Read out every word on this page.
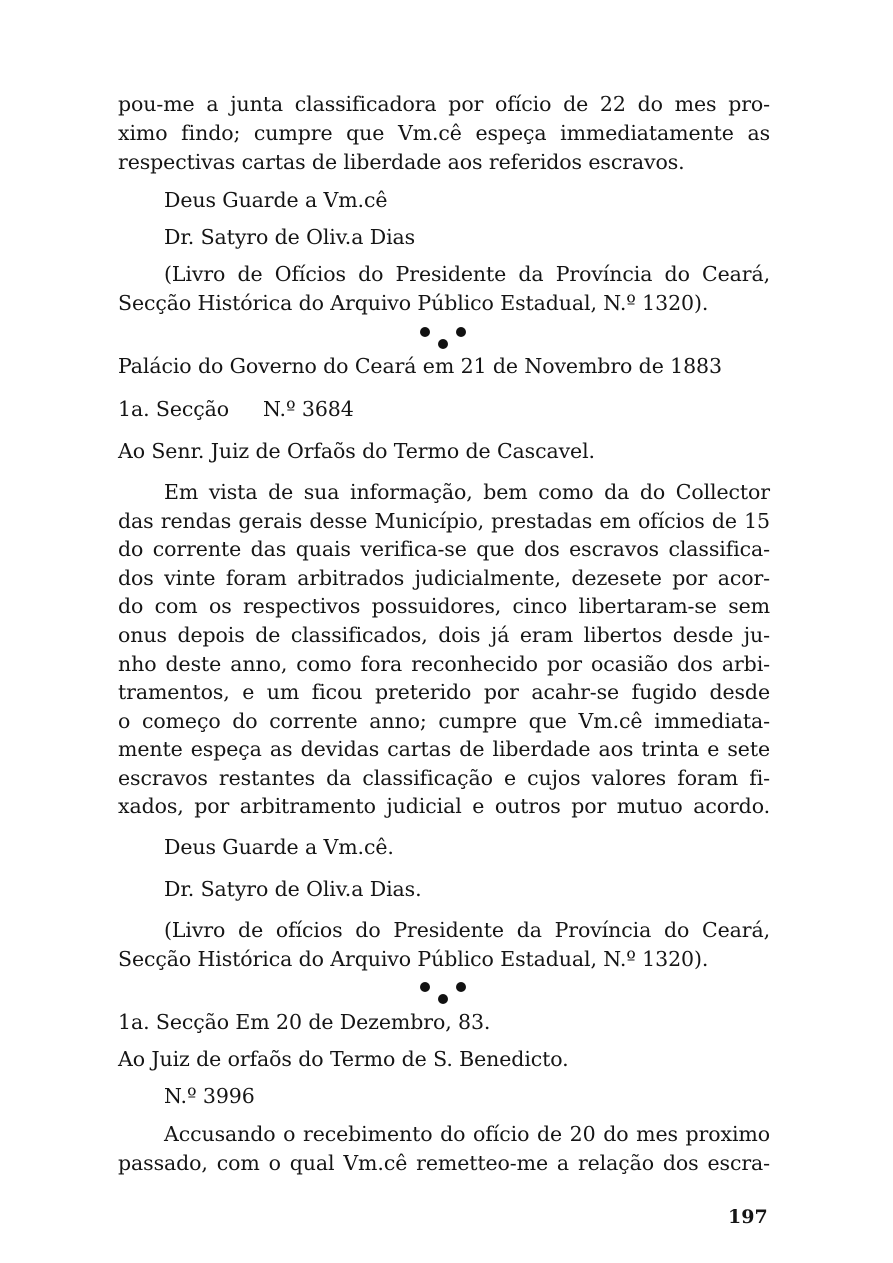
pou-me a junta classificadora por ofício de 22 do mes pro-
ximo findo; cumpre que Vm.cê espeça immediatamente as
respectivas cartas de liberdade aos referidos escravos.
Deus Guarde a Vm.cê
Dr. Satyro de Oliv.a Dias
(Livro de Ofícios do Presidente da Província do Ceará,
Secção Histórica do Arquivo Público Estadual, N.º 1320).
Palácio do Governo do Ceará em 21 de Novembro de 1883
1a. Secção N.º 3684
Ao Senr. Juiz de Orfaõs do Termo de Cascavel.
Em vista de sua informação, bem como da do Collector
das rendas gerais desse Município, prestadas em ofícios de 15
do corrente das quais verifica-se que dos escravos classifica-
dos vinte foram arbitrados judicialmente, dezesete por acor-
do com os respectivos possuidores, cinco libertaram-se sem
onus depois de classificados, dois já eram libertos desde ju-
nho deste anno, como fora reconhecido por ocasião dos arbi-
tramentos, e um ficou preterido por acahr-se fugido desde
o começo do corrente anno; cumpre que Vm.cê immediata-
mente espeça as devidas cartas de liberdade aos trinta e sete
escravos restantes da classificação e cujos valores foram fi-
xados, por arbitramento judicial e outros por mutuo acordo.
Deus Guarde a Vm.cê.
Dr. Satyro de Oliv.a Dias.
(Livro de ofícios do Presidente da Província do Ceará,
Secção Histórica do Arquivo Público Estadual, N.º 1320).
1a. Secção Em 20 de Dezembro, 83.
Ao Juiz de orfaõs do Termo de S. Benedicto.
N.º 3996
Accusando o recebimento do ofício de 20 do mes proximo
passado, com o qual Vm.cê remetteo-me a relação dos escra-
197
